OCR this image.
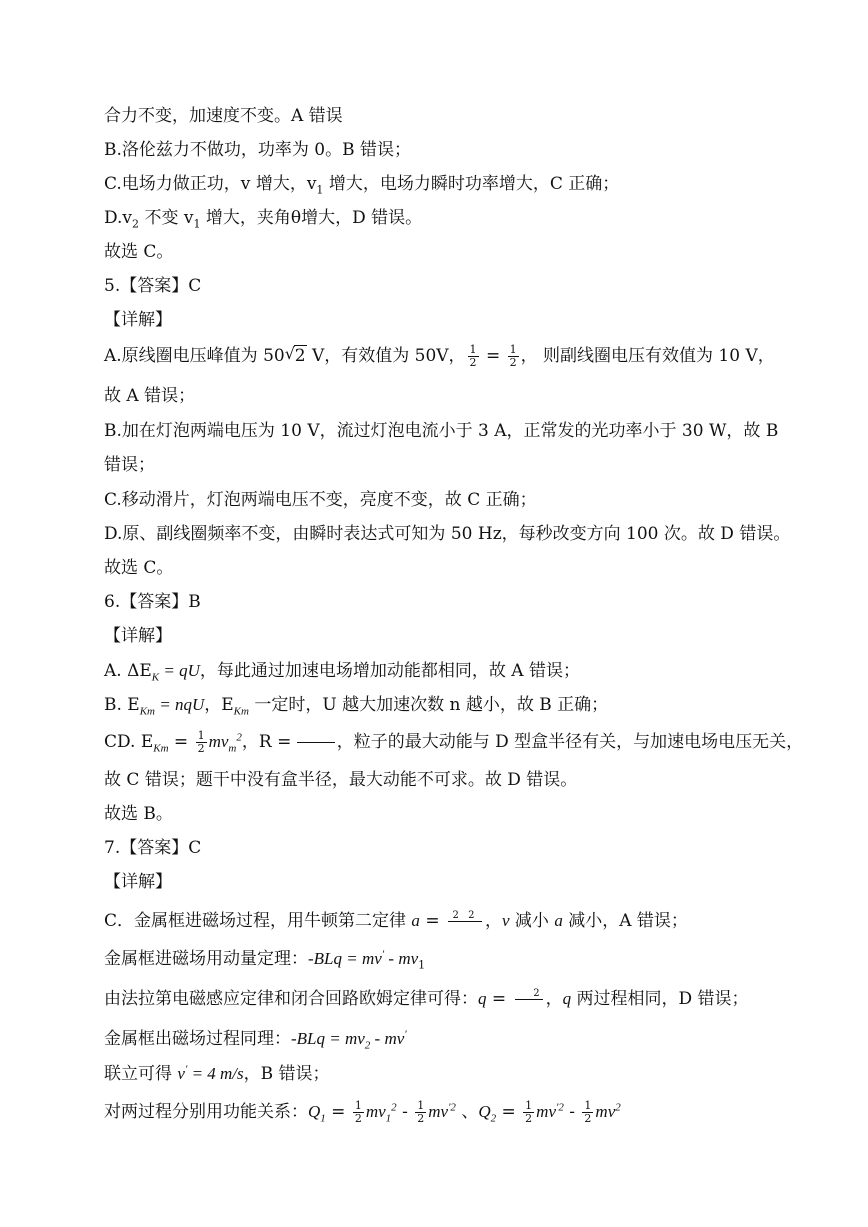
合力不变，加速度不变。A 错误
B.洛伦兹力不做功，功率为 0。B 错误；
C.电场力做正功，v 增大，$v_1$ 增大，电场力瞬时功率增大，C 正确；
$D.v_2$ 不变 $v_1$ 增大，夹角θ增大，D 错误。
故选 C。
5.【答案】C
【详解】
A.原线圈电压峰值为 50 √ 2 V，有效值为 50V， $\frac{1}{2} = \frac{1}{2}$ ， 则副线圈电压有效值为 10 V，
故 A 错误；
B.加在灯泡两端电压为 10 V，流过灯泡电流小于 3 A，正常发的光功率小于 30 W，故 B
错误；
C.移动滑片，灯泡两端电压不变，亮度不变，故 C 正确；
D.原、副线圈频率不变，由瞬时表达式可知为 50 Hz，每秒改变方向 100 次。故 D 错误。
故选 C。
6.【答案】B
【详解】
A. $\Delta E_K$ = qU，每此通过加速电场增加动能都相同，故 A 错误；
B. $E_{Km}$ = nqU，$E_{Km}$ 一定时，U 越大加速次数 n 越小，故 B 正确；
CD. $E_{Km} = \frac{1}{2} mv_m^2$，R = ，粒子的最大动能与 D 型盒半径有关，与加速电场电压无关，
故 C 错误；题干中没有盒半径，最大动能不可求。故 D 错误。
故选 B。
7.【答案】C
【详解】
C．金属框进磁场过程，用牛顿第二定律 a = 2 2 ，v 减小 a 减小，A 错误；
金属框进磁场用动量定理：$-BLq = mv' - mv_1$
由法拉第电磁感应定律和闭合回路欧姆定律可得：q =	2 ，q 两过程相同，D 错误；
金属框出磁场过程同理：$-BLq = mv_2 - mv'$
联立可得 v' = 4 m/s，B 错误；
对两过程分别用功能关系：$Q_1 = \frac{1}{2} mv_1^2 - \frac{1}{2} mv^{'2}$ 、$Q_2 = \frac{1}{2} mv^{'2} - \frac{1}{2} mv^2$
